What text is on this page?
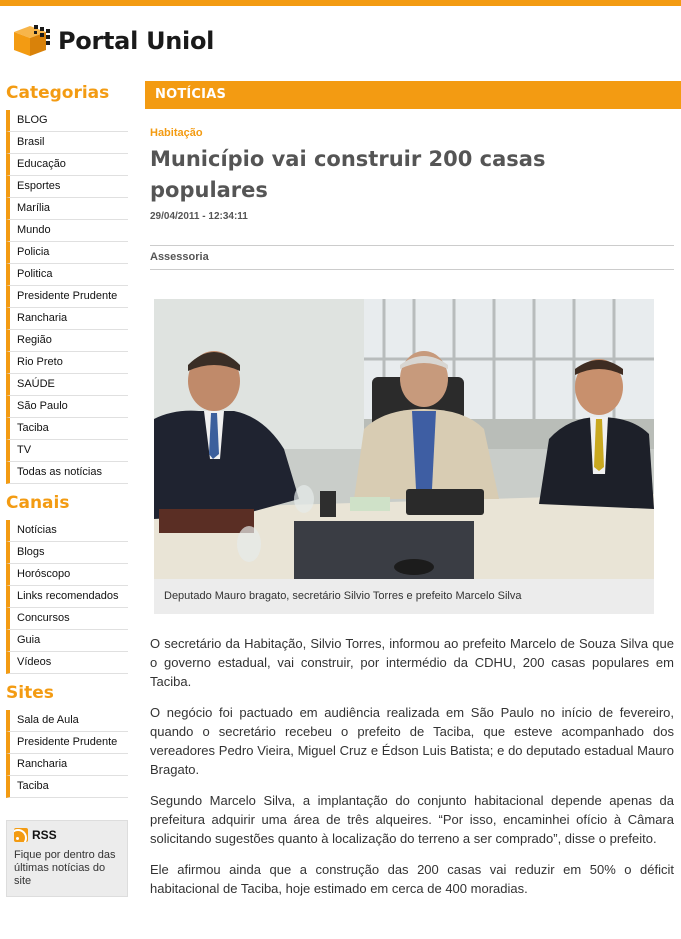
Portal Uniol
Categorias
BLOG
Brasil
Educação
Esportes
Marília
Mundo
Policia
Politica
Presidente Prudente
Rancharia
Região
Rio Preto
SAÚDE
São Paulo
Taciba
TV
Todas as notícias
Canais
Notícias
Blogs
Horóscopo
Links recomendados
Concursos
Guia
Vídeos
Sites
Sala de Aula
Presidente Prudente
Rancharia
Taciba
RSS
Fique por dentro das últimas notícias do site
NOTÍCIAS
Habitação
Município vai construir 200 casas populares
29/04/2011 - 12:34:11
Assessoria
Deputado Mauro bragato, secretário Silvio Torres e prefeito Marcelo Silva

O secretário da Habitação, Silvio Torres, informou ao prefeito Marcelo de Souza Silva que o governo estadual, vai construir, por intermédio da CDHU, 200 casas populares em Taciba.

O negócio foi pactuado em audiência realizada em São Paulo no início de fevereiro, quando o secretário recebeu o prefeito de Taciba, que esteve acompanhado dos vereadores Pedro Vieira, Miguel Cruz e Édson Luis Batista; e do deputado estadual Mauro Bragato.

Segundo Marcelo Silva, a implantação do conjunto habitacional depende apenas da prefeitura adquirir uma área de três alqueires. “Por isso, encaminhei ofício à Câmara solicitando sugestões quanto à localização do terreno a ser comprado”, disse o prefeito.

Ele afirmou ainda que a construção das 200 casas vai reduzir em 50% o déficit habitacional de Taciba, hoje estimado em cerca de 400 moradias.
